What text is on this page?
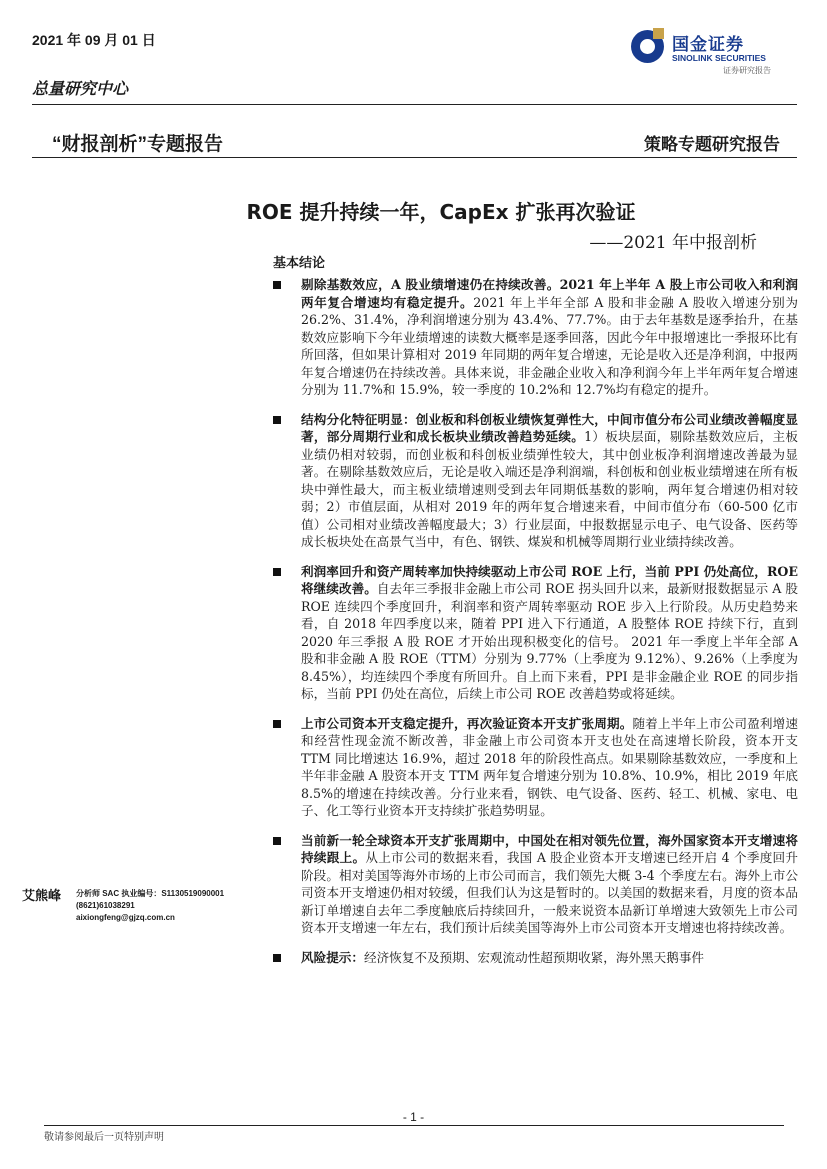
2021 年 09 月 01 日
总量研究中心
国金证券
SINOLINK SECURITIES
证券研究报告
“财报剖析”专题报告	策略专题研究报告
ROE 提升持续一年，CapEx 扩张再次验证
——2021 年中报剖析
基本结论
剔除基数效应，A 股业绩增速仍在持续改善。2021 年上半年 A 股上市公司收入和利润两年复合增速均有稳定提升。2021 年上半年全部 A 股和非金融 A 股收入增速分别为 26.2%、31.4%，净利润增速分别为 43.4%、77.7%。由于去年基数是逐季抬升，在基数效应影响下今年业绩增速的读数大概率是逐季回落，因此今年中报增速比一季报环比有所回落，但如果计算相对 2019 年同期的两年复合增速，无论是收入还是净利润，中报两年复合增速仍在持续改善。具体来说，非金融企业收入和净利润今年上半年两年复合增速分别为 11.7%和 15.9%，较一季度的 10.2%和 12.7%均有稳定的提升。
结构分化特征明显：创业板和科创板业绩恢复弹性大，中间市值分布公司业绩改善幅度显著，部分周期行业和成长板块业绩改善趋势延续。1）板块层面，剔除基数效应后，主板业绩仍相对较弱，而创业板和科创板业绩弹性较大，其中创业板净利润增速改善最为显著。在剔除基数效应后，无论是收入端还是净利润端，科创板和创业板业绩增速在所有板块中弹性最大，而主板业绩增速则受到去年同期低基数的影响，两年复合增速仍相对较弱；2）市值层面，从相对 2019 年的两年复合增速来看，中间市值分布（60-500 亿市值）公司相对业绩改善幅度最大；3）行业层面，中报数据显示电子、电气设备、医药等成长板块处在高景气当中，有色、钢铁、煤炭和机械等周期行业业绩持续改善。
利润率回升和资产周转率加快持续驱动上市公司 ROE 上行，当前 PPI 仍处高位，ROE 将继续改善。自去年三季报非金融上市公司 ROE 拐头回升以来，最新财报数据显示 A 股 ROE 连续四个季度回升，利润率和资产周转率驱动 ROE 步入上行阶段。从历史趋势来看，自 2018 年四季度以来，随着 PPI 进入下行通道，A 股整体 ROE 持续下行，直到 2020 年三季报 A 股 ROE 才开始出现积极变化的信号。 2021 年一季度上半年全部 A 股和非金融 A 股 ROE（TTM）分别为 9.77%（上季度为 9.12%）、9.26%（上季度为 8.45%），均连续四个季度有所回升。自上而下来看，PPI 是非金融企业 ROE 的同步指标，当前 PPI 仍处在高位，后续上市公司 ROE 改善趋势或将延续。
上市公司资本开支稳定提升，再次验证资本开支扩张周期。随着上半年上市公司盈利增速和经营性现金流不断改善，非金融上市公司资本开支也处在高速增长阶段，资本开支 TTM 同比增速达 16.9%，超过 2018 年的阶段性高点。如果剔除基数效应，一季度和上半年非金融 A 股资本开支 TTM 两年复合增速分别为 10.8%、10.9%，相比 2019 年底 8.5%的增速在持续改善。分行业来看，钢铁、电气设备、医药、轻工、机械、家电、电子、化工等行业资本开支持续扩张趋势明显。
当前新一轮全球资本开支扩张周期中，中国处在相对领先位置，海外国家资本开支增速将持续跟上。从上市公司的数据来看，我国 A 股企业资本开支增速已经开启 4 个季度回升阶段。相对美国等海外市场的上市公司而言，我们领先大概 3-4 个季度左右。海外上市公司资本开支增速仍相对较缓，但我们认为这是暂时的。以美国的数据来看，月度的资本品新订单增速自去年二季度触底后持续回升，一般来说资本品新订单增速大致领先上市公司资本开支增速一年左右，我们预计后续美国等海外上市公司资本开支增速也将持续改善。
风险提示：经济恢复不及预期、宏观流动性超预期收紧，海外黑天鹅事件
艾熊峰 分析师 SAC 执业编号：S1130519090001
(8621)61038291
aixiongfeng@gjzq.com.cn
- 1 -
敬请参阅最后一页特别声明
